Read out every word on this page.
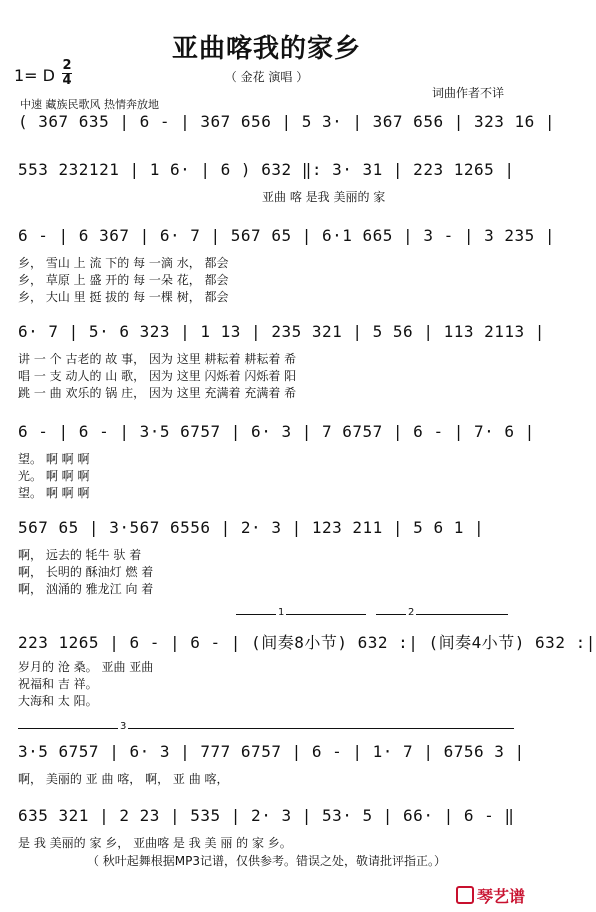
亚曲喀我的家乡
（ 金花 演唱 ）
1= D
2
4
中速 藏族民歌风 热情奔放地
词曲作者不详
( 367 635 | 6 - | 367 656 | 5 3· | 367 656 | 323 16 |
553 232121 | 1 6· | 6 ) 632 ‖: 3· 31 | 223 1265 |
亚曲 喀 是我 美丽的 家
6 - | 6 367 | 6· 7 | 567 65 | 6·1 665 | 3 - | 3 235 |
乡， 雪山 上 流 下的 每 一滴 水， 都会
乡， 草原 上 盛 开的 每 一朵 花， 都会
乡， 大山 里 挺 拔的 每 一棵 树， 都会
6· 7 | 5· 6 323 | 1 13 | 235 321 | 5 56 | 113 2113 |
讲 一 个 古老的 故 事， 因为 这里 耕耘着 耕耘着 希
唱 一 支 动人的 山 歌， 因为 这里 闪烁着 闪烁着 阳
跳 一 曲 欢乐的 锅 庄， 因为 这里 充满着 充满着 希
6 - | 6 - | 3·5 6757 | 6· 3 | 7 6757 | 6 - | 7· 6 |
望。 啊 啊 啊
光。 啊 啊 啊
望。 啊 啊 啊
567 65 | 3·567 6556 | 2· 3 | 123 211 | 5 6 1 |
啊， 远去的 牦牛 驮 着
啊， 长明的 酥油灯 燃 着
啊， 汹涌的 雅龙江 向 着
1	2
223 1265 | 6 - | 6 - | (间奏8小节) 632 :| (间奏4小节) 632 :|
岁月的 沧 桑。 亚曲 亚曲
祝福和 吉 祥。
大海和 太 阳。
3
3·5 6757 | 6· 3 | 777 6757 | 6 - | 1· 7 | 6756 3 |
啊， 美丽的 亚 曲 喀， 啊， 亚 曲 喀，
635 321 | 2 23 | 535 | 2· 3 | 53· 5 | 66· | 6 - ‖
是 我 美丽的 家 乡， 亚曲喀 是 我 美 丽 的 家 乡。
（ 秋叶起舞根据MP3记谱，仅供参考。错误之处，敬请批评指正。）
琴艺谱
